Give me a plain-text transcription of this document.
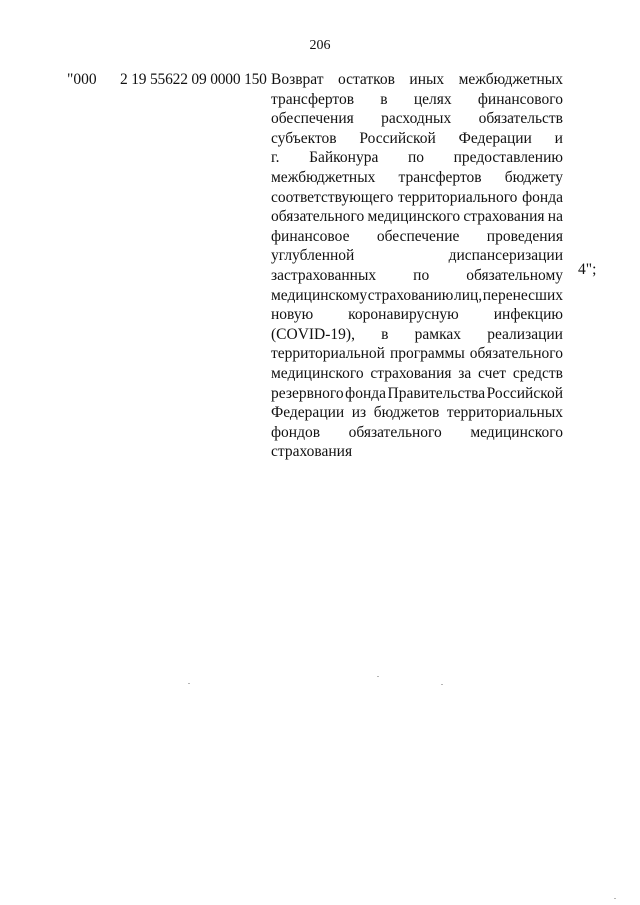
206
"000 2 19 55622 09 0000 150 Возврат остатков иных межбюджетных
трансфертов в целях финансового
обеспечения расходных обязательств
субъектов Российской Федерации и
г. Байконура по предоставлению
межбюджетных трансфертов бюджету
соответствующего территориального фонда
обязательного медицинского страхования на
финансовое обеспечение проведения
углубленной	диспансеризации
застрахованных по обязательному
медицинскому страхованию лиц, перенесших
новую коронавирусную инфекцию
(COVID-19), в рамках реализации
территориальной программы обязательного
медицинского страхования за счет средств
резервного фонда Правительства Российской
Федерации из бюджетов территориальных
фондов обязательного медицинского
страхования
4";
